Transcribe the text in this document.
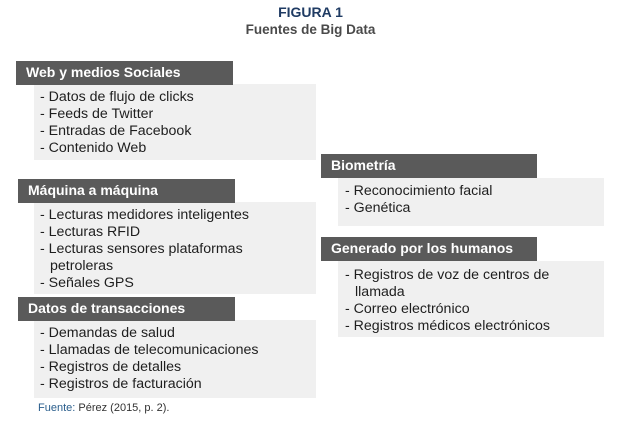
FIGURA 1
Fuentes de Big Data
Web y medios Sociales
- Datos de flujo de clicks
- Feeds de Twitter
- Entradas de Facebook
- Contenido Web
Máquina a máquina
- Lecturas medidores inteligentes
- Lecturas RFID
- Lecturas sensores plataformas
petroleras
- Señales GPS
Datos de transacciones
- Demandas de salud
- Llamadas de telecomunicaciones
- Registros de detalles
- Registros de facturación
Biometría
- Reconocimiento facial
- Genética
Generado por los humanos
- Registros de voz de centros de
llamada
- Correo electrónico
- Registros médicos electrónicos
Fuente: Pérez (2015, p. 2).
